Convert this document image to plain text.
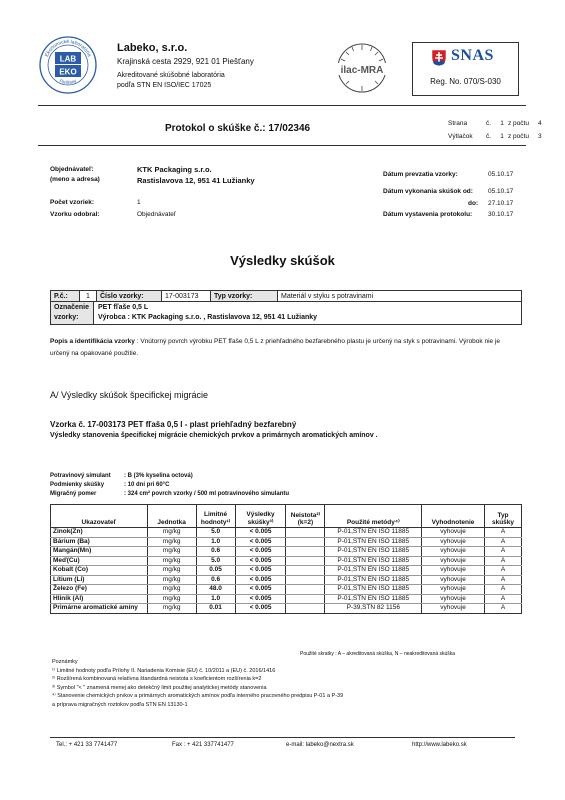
Ekonomické laboratória
Piešťany
LAB
EKO
Labeko, s.r.o.
Krajinská cesta 2929, 921 01 Piešťany
Akreditované skúšobné laboratória
podľa STN EN ISO/IEC 17025
ilac-MRA
SNAS
Reg. No. 070/S-030
Protokol o skúške č.: 17/02346	Strana	č. 1 z počtu 4
Výtlačok č. 1 z počtu 3
Objednávateľ:
(meno a adresa)
KTK Packaging s.r.o.
Rastislavova 12, 951 41 Lužianky
Počet vzoriek:	1
Vzorku odobral:	Objednávateľ
Dátum prevzatia vzorky:	05.10.17
Dátum vykonania skúšok od: 05.10.17
do: 27.10.17
Dátum vystavenia protokolu: 30.10.17
Výsledky skúšok
P.č.:	1	Číslo vzorky:	17-003173	Typ vzorky:	Materiál v styku s potravinami
Označenie
vzorky:
PET fľaše 0,5 L
Výrobca : KTK Packaging s.r.o. , Rastislavova 12, 951 41 Lužianky
Popis a identifikácia vzorky : Vnútorný povrch výrobku PET fľaše 0,5 L z priehľadného bezfarebného plastu je určený na styk s potravinami. Výrobok nie je určený na opakované použitie.
A/ Výsledky skúšok špecifickej migrácie
Vzorka č. 17-003173 PET fľaša 0,5 l - plast priehľadný bezfarebný
Výsledky stanovenia špecifickej migrácie chemických prvkov a primárnych aromatických amínov .
Potravinový simulant	: B (3% kyselina octová)
Podmienky skúšky	: 10 dní pri 60°C
Migračný pomer	: 324 cm² povrch vzorky / 500 ml potravinového simulantu
Ukazovateľ	Jednotka	Limitné hodnoty¹⁾	Výsledky skúšky³⁾	Neistota²⁾ (k=2)	Použité metódy⁴⁾	Vyhodnotenie	Typ skúšky
Zinok(Zn)	mg/kg	5.0	< 0.005		P-01,STN EN ISO 11885	vyhovuje	A
Bárium (Ba)	mg/kg	1.0	< 0.005		P-01,STN EN ISO 11885	vyhovuje	A
Mangán(Mn)	mg/kg	0.6	< 0.005		P-01,STN EN ISO 11885	vyhovuje	A
Meď(Cu)	mg/kg	5.0	< 0.005		P-01,STN EN ISO 11885	vyhovuje	A
Kobalt (Co)	mg/kg	0.05	< 0.005		P-01,STN EN ISO 11885	vyhovuje	A
Lítium (Li)	mg/kg	0.6	< 0.005		P-01,STN EN ISO 11885	vyhovuje	A
Železo (Fe)	mg/kg	48.0	< 0.005		P-01,STN EN ISO 11885	vyhovuje	A
Hliník (Al)	mg/kg	1.0	< 0.005		P-01,STN EN ISO 11885	vyhovuje	A
Primárne aromatické amíny	mg/kg	0.01	< 0.005		P-39,STN 82 1156	vyhovuje	A
Použité skratky : A – akreditovaná skúška, N – neakreditovaná skúška
Poznámky
¹⁾ Limitné hodnoty podľa Prílohy II. Nariadenia Komisie (EU) č. 10/2011 a (EU) č. 2016/1416
²⁾ Rozšírená kombinovaná relatívna štandardná neistota s koeficientom rozšírenia k=2
³⁾ Symbol "< " znamená menej ako detekčný limit použitej analytickej metódy stanovenia
⁴⁾ Stanovenie chemických prvkov a primárnych aromatických amínov podľa interného pracovného predpisu P-01 a P-39
a príprava migračných roztokov podľa STN EN 13130-1
Tel.: + 421 33 7741477	Fax : + 421 337741477	e-mail: labeko@nextra.sk	http://www.labeko.sk
